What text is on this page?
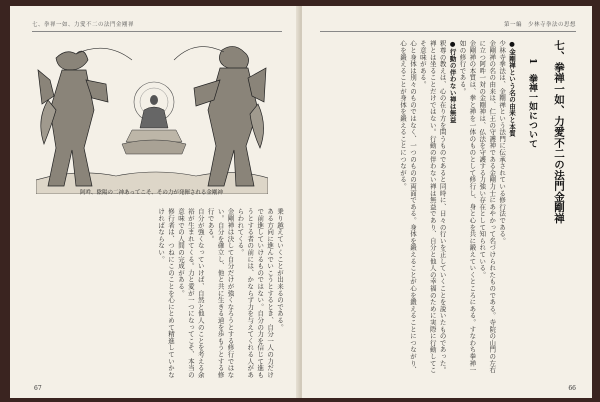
七、拳禅一如、力愛不二の法門金剛禅
阿吽、陰陽の二神あってこそ、その力が発揮される金剛神
乗り越えていくことが出来るのである。
ある方向に進んでいこうとするとき、自分一人の力だけで前進していけるものではない。自分の力を信じて進もうとする者の前には、かならず力を与えてくれる人があらわれてくる。
金剛禅は決して自分だけが強くなろうとする修行ではない。自分を確立し、他と共に生きる道を歩もうとする修行である。
自分が強くなっていけば、自然と他人のことを考える余裕が生まれてくる。力と愛が一つになってこそ、本当の意味での人間の完成がある。
修行者は、つねにこのことを心にとめて精進していかなければならない。
67
第一編　少林寺拳法の思想
七、拳禅一如、力愛不二の法門金剛禅
1　拳禅一如について
●金剛禅という名の由来と本質
少林寺拳法は、金剛禅という法門に伝承されている修行法である。
金剛禅の名の由来は、仁王の守護神である金剛力士にあやかって名づけられたものである。寺院の山門の左右に立つ阿吽一対の金剛神は、仏法を守護する力強い存在として知られている。
金剛禅の本質は、拳と禅を一体のものとして修行し、身と心を共に鍛えていくところにある。すなわち拳禅一如の修行である。
●行動の伴わない禅は無益
釈尊の教えは、心の在り方を問うものであると同時に、日々の行いを正していくことを説いたものであった。
禅とは坐ることだけではない。行動の伴わない禅は無益であり、自分と他人の幸福のために実際に行動してこそ意味がある。
心と身体は別々のものではなく、一つのものの両面である。身体を鍛えることが心を鍛えることにつながり、心を鍛えることが身体を鍛えることにつながる。
66
